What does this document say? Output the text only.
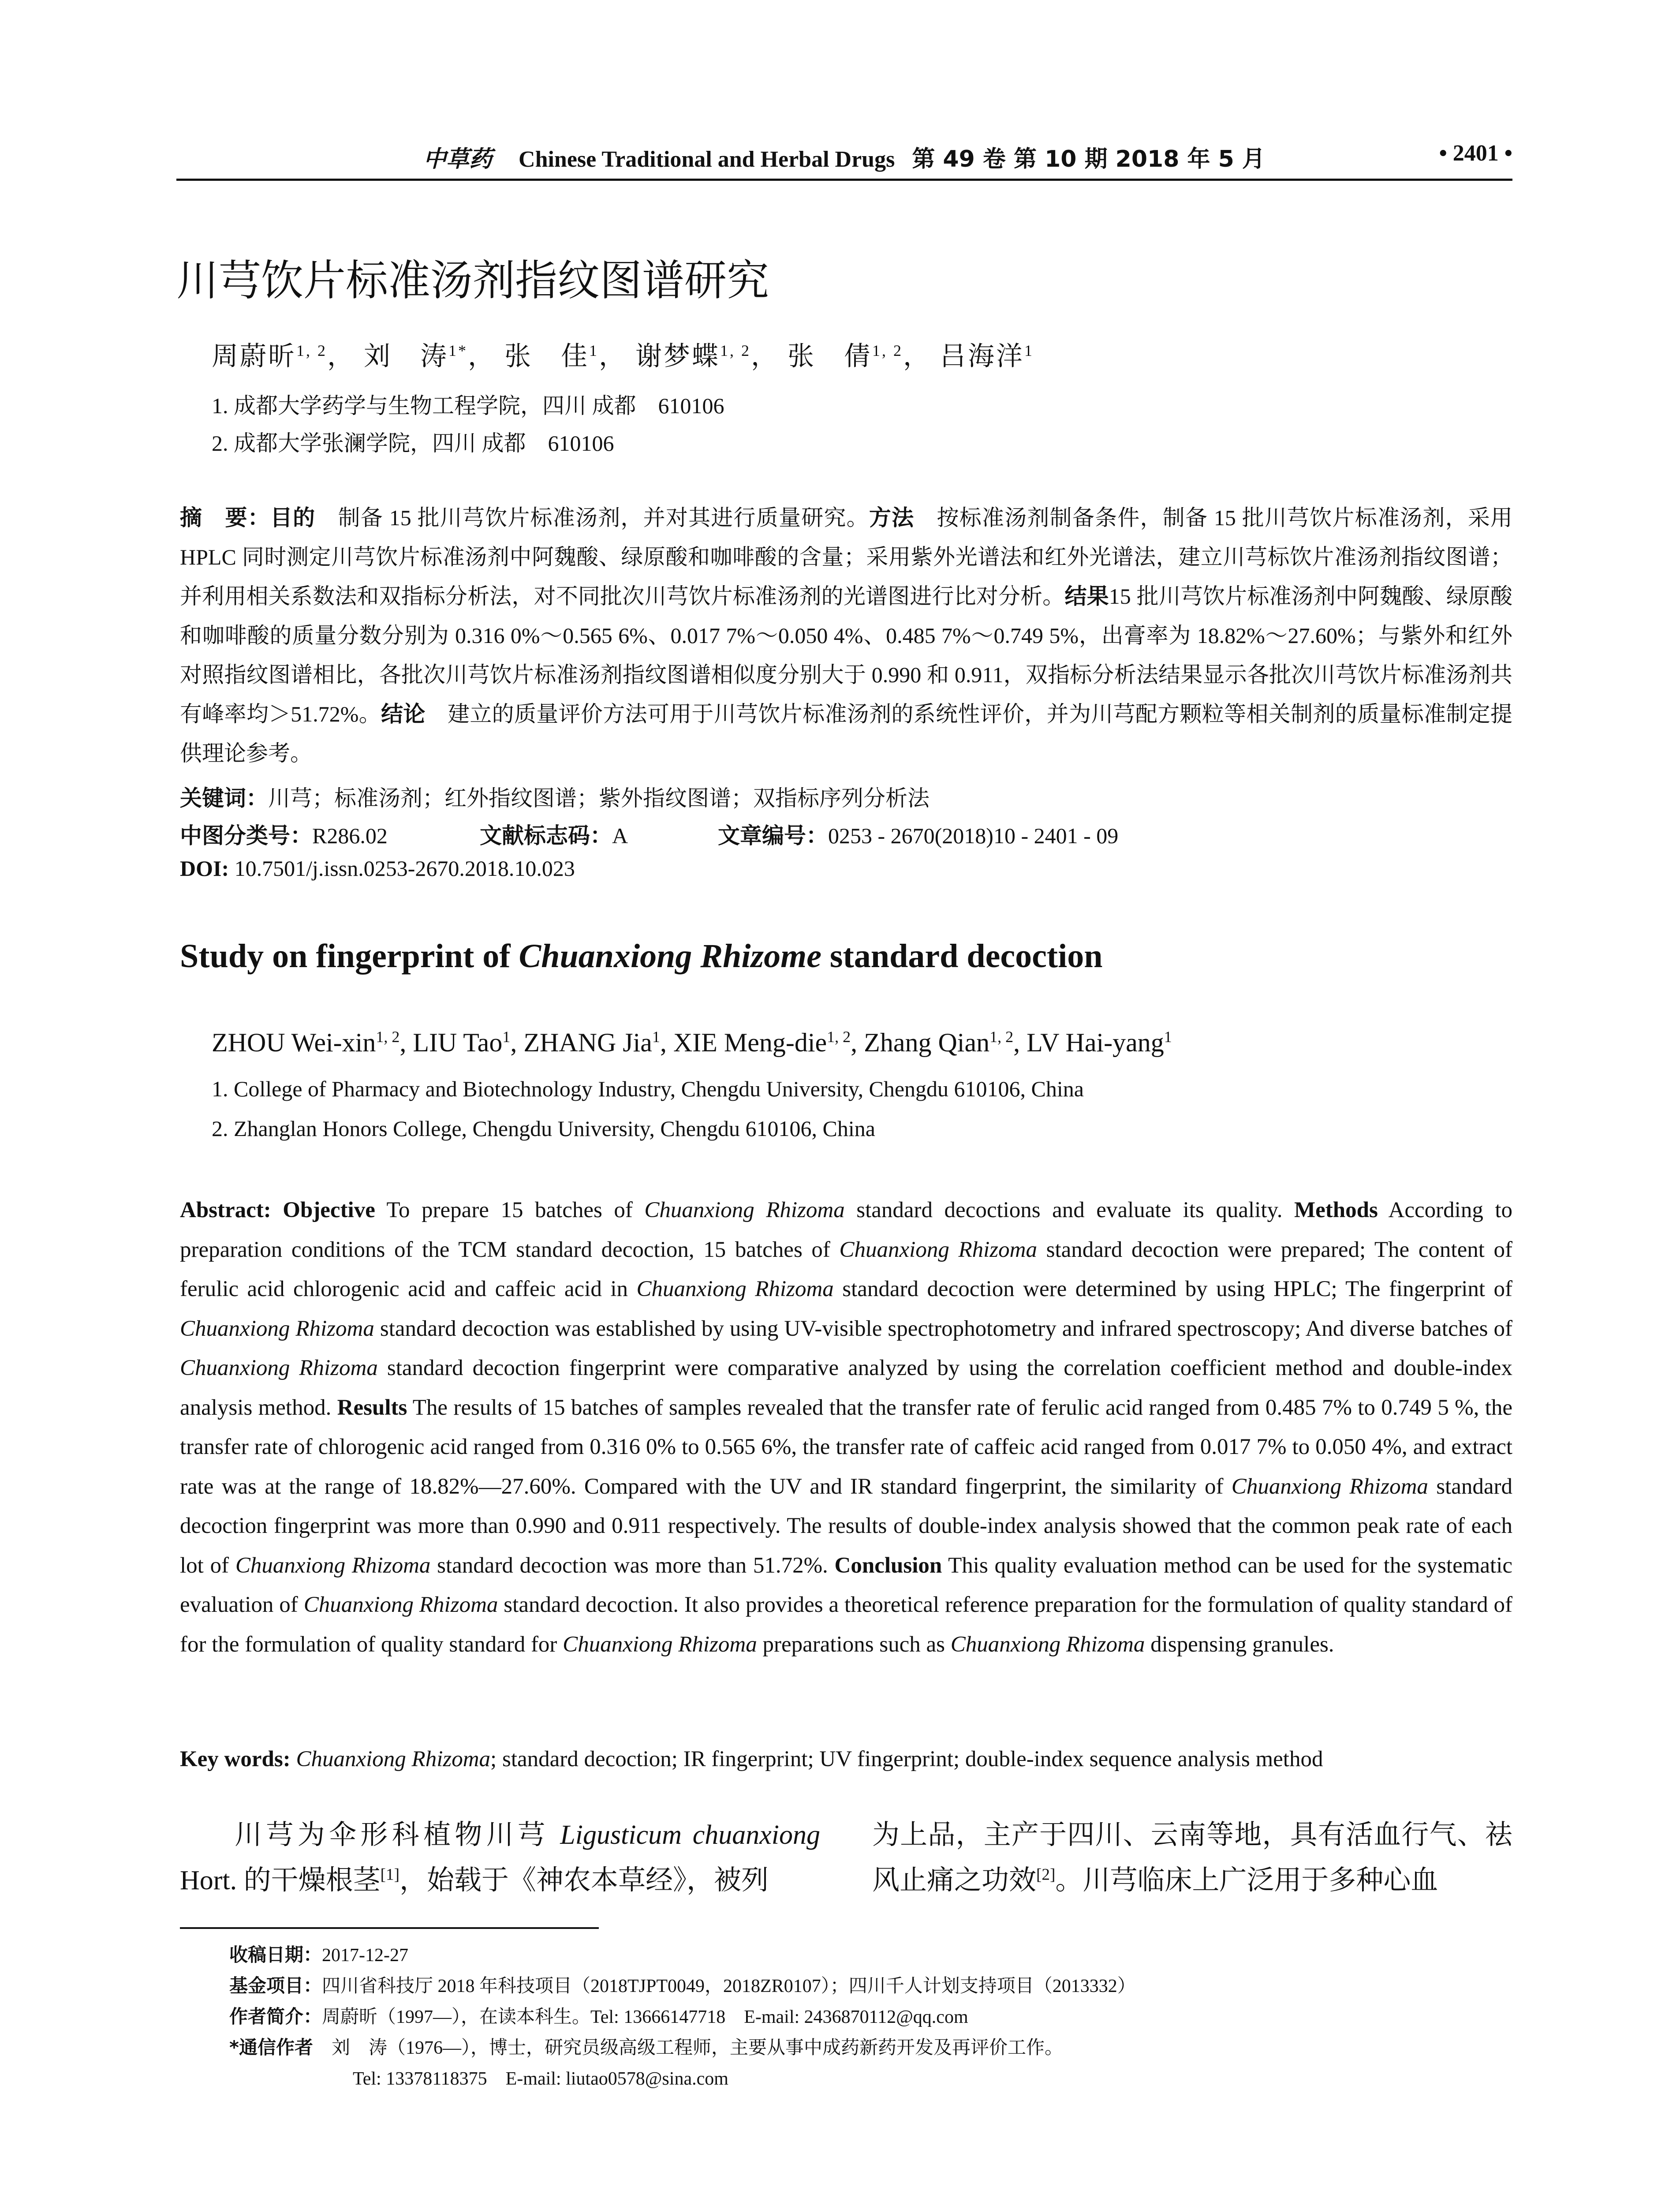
中草药 Chinese Traditional and Herbal Drugs 第 49 卷 第 10 期 2018 年 5 月	• 2401 •
川芎饮片标准汤剂指纹图谱研究
周蔚昕$^{1, 2}$， 刘　涛$^{1*}$， 张　佳$^1$， 谢梦蝶$^{1, 2}$， 张　倩$^{1, 2}$， 吕海洋$^1$
1. 成都大学药学与生物工程学院，四川 成都　610106
2. 成都大学张澜学院，四川 成都　610106
摘　要：目的　制备 15 批川芎饮片标准汤剂，并对其进行质量研究。方法　按标准汤剂制备条件，制备 15 批川芎饮片标准汤剂，采用 HPLC 同时测定川芎饮片标准汤剂中阿魏酸、绿原酸和咖啡酸的含量；采用紫外光谱法和红外光谱法，建立川芎标饮片准汤剂指纹图谱；并利用相关系数法和双指标分析法，对不同批次川芎饮片标准汤剂的光谱图进行比对分析。结果15 批川芎饮片标准汤剂中阿魏酸、绿原酸和咖啡酸的质量分数分别为 0.316 0%～0.565 6%、0.017 7%～0.050 4%、0.485 7%～0.749 5%，出膏率为 18.82%～27.60%；与紫外和红外对照指纹图谱相比，各批次川芎饮片标准汤剂指纹图谱相似度分别大于 0.990 和 0.911，双指标分析法结果显示各批次川芎饮片标准汤剂共有峰率均＞51.72%。结论　建立的质量评价方法可用于川芎饮片标准汤剂的系统性评价，并为川芎配方颗粒等相关制剂的质量标准制定提供理论参考。
关键词：川芎；标准汤剂；红外指纹图谱；紫外指纹图谱；双指标序列分析法
中图分类号：R286.02	文献标志码：A	文章编号：0253 - 2670(2018)10 - 2401 - 09
DOI: 10.7501/j.issn.0253-2670.2018.10.023
Study on fingerprint of Chuanxiong Rhizome standard decoction
ZHOU Wei-xin$^{1, 2}$, LIU Tao$^1$, ZHANG Jia$^1$, XIE Meng-die$^{1, 2}$, Zhang Qian$^{1, 2}$, LV Hai-yang$^1$
1. College of Pharmacy and Biotechnology Industry, Chengdu University, Chengdu 610106, China
2. Zhanglan Honors College, Chengdu University, Chengdu 610106, China
Abstract: Objective To prepare 15 batches of Chuanxiong Rhizoma standard decoctions and evaluate its quality. Methods According to preparation conditions of the TCM standard decoction, 15 batches of Chuanxiong Rhizoma standard decoction were prepared; The content of ferulic acid chlorogenic acid and caffeic acid in Chuanxiong Rhizoma standard decoction were determined by using HPLC; The fingerprint of Chuanxiong Rhizoma standard decoction was established by using UV-visible spectrophotometry and infrared spectroscopy; And diverse batches of Chuanxiong Rhizoma standard decoction fingerprint were comparative analyzed by using the correlation coefficient method and double-index analysis method. Results The results of 15 batches of samples revealed that the transfer rate of ferulic acid ranged from 0.485 7% to 0.749 5 %, the transfer rate of chlorogenic acid ranged from 0.316 0% to 0.565 6%, the transfer rate of caffeic acid ranged from 0.017 7% to 0.050 4%, and extract rate was at the range of 18.82%—27.60%. Compared with the UV and IR standard fingerprint, the similarity of Chuanxiong Rhizoma standard decoction fingerprint was more than 0.990 and 0.911 respectively. The results of double-index analysis showed that the common peak rate of each lot of Chuanxiong Rhizoma standard decoction was more than 51.72%. Conclusion This quality evaluation method can be used for the systematic evaluation of Chuanxiong Rhizoma standard decoction. It also provides a theoretical reference preparation for the formulation of quality standard of for the formulation of quality standard for Chuanxiong Rhizoma preparations such as Chuanxiong Rhizoma dispensing granules.
Key words: Chuanxiong Rhizoma; standard decoction; IR fingerprint; UV fingerprint; double-index sequence analysis method
川芎为伞形科植物川芎 Ligusticum chuanxiong Hort. 的干燥根茎[1]，始载于《神农本草经》，被列
为上品，主产于四川、云南等地，具有活血行气、祛风止痛之功效[2]。川芎临床上广泛用于多种心血
收稿日期：2017-12-27
基金项目：四川省科技厅 2018 年科技项目（2018TJPT0049，2018ZR0107）；四川千人计划支持项目（2013332）
作者简介：周蔚昕（1997—），在读本科生。Tel: 13666147718　E-mail: 2436870112@qq.com
*通信作者　刘　涛（1976—），博士，研究员级高级工程师，主要从事中成药新药开发及再评价工作。
Tel: 13378118375　E-mail: liutao0578@sina.com
